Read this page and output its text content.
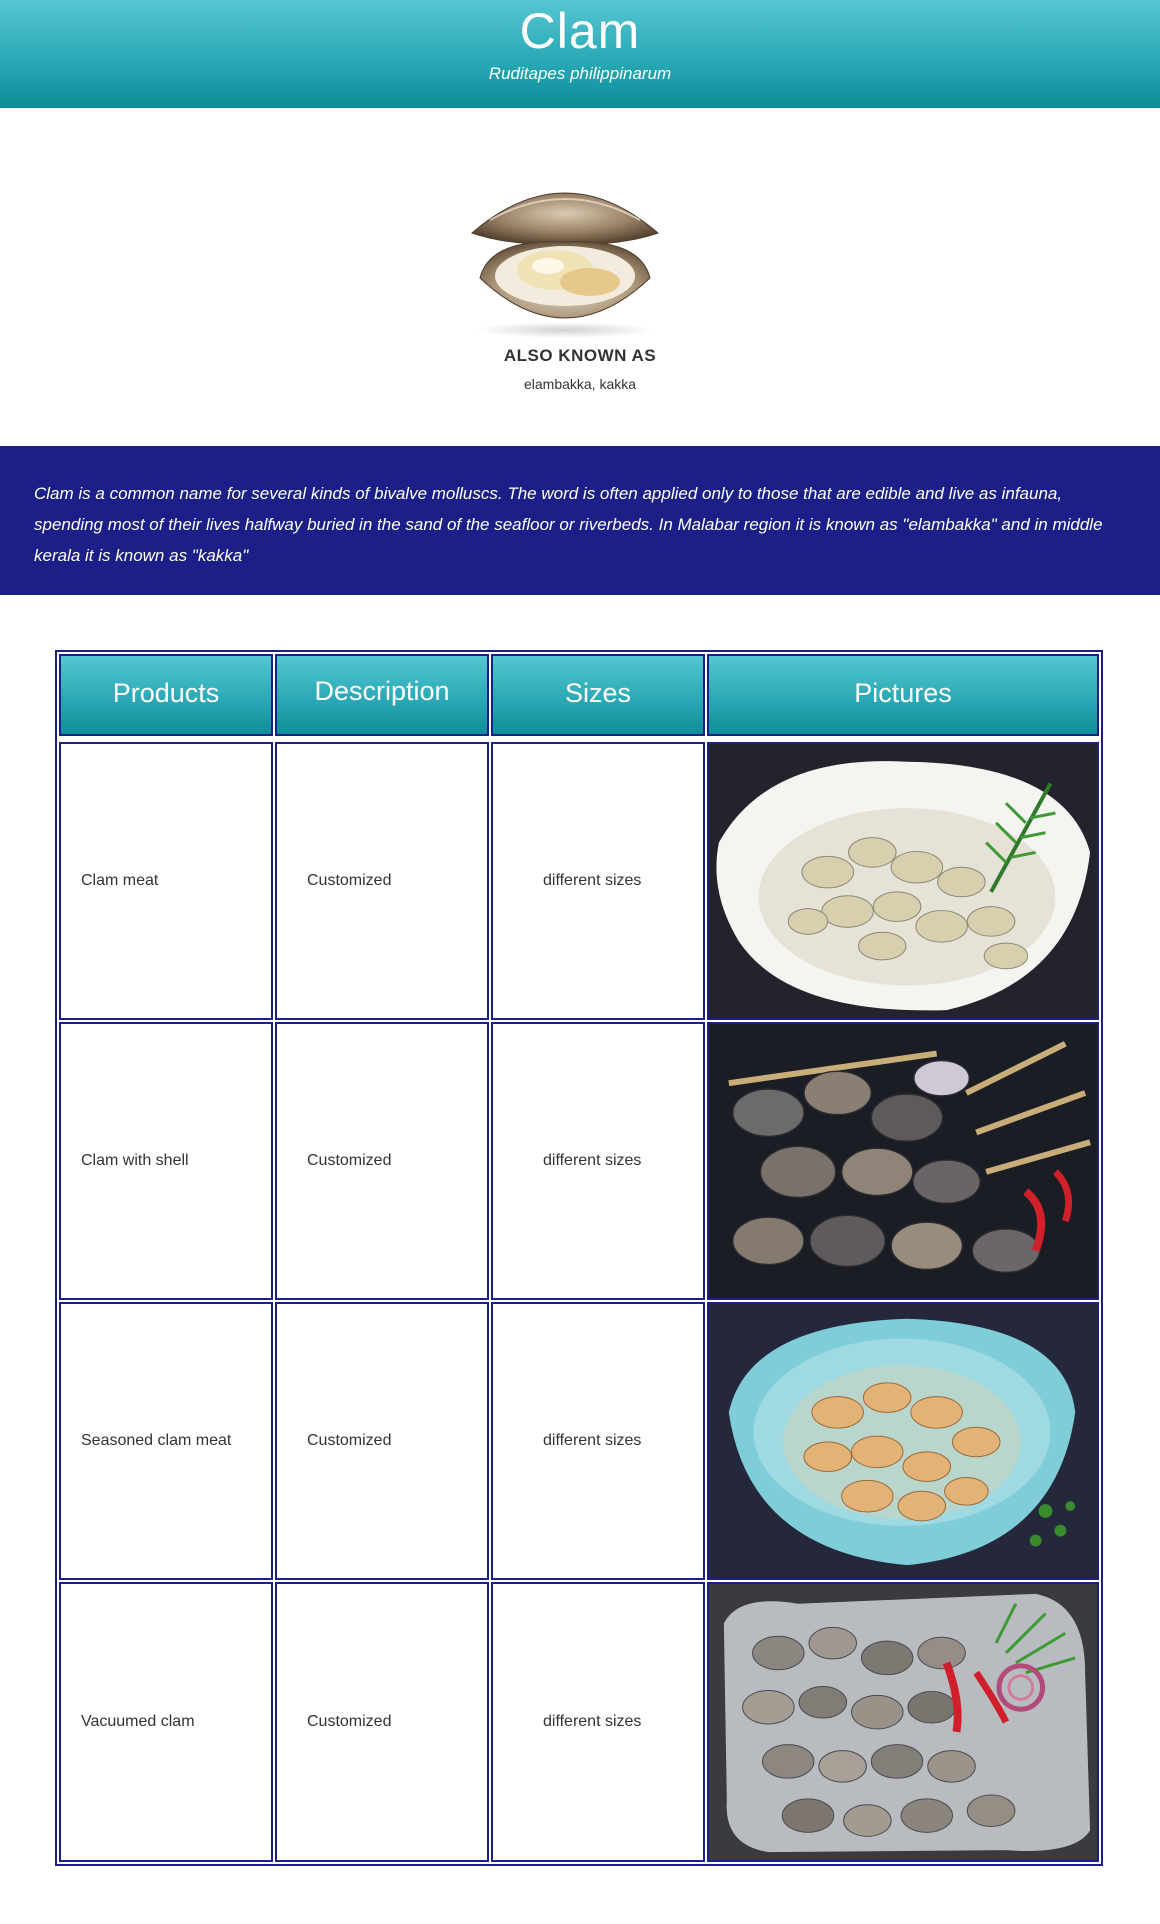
Clam
Ruditapes philippinarum
ALSO KNOWN AS
elambakka, kakka
Clam is a common name for several kinds of bivalve molluscs. The word is often applied only to those that are edible and live as infauna, spending most of their lives halfway buried in the sand of the seafloor or riverbeds. In Malabar region it is known as "elambakka" and in middle kerala it is known as "kakka"
Products	Description	Sizes	Pictures
Clam meat	Customized	different sizes
Clam with shell	Customized	different sizes
Seasoned clam meat	Customized	different sizes
Vacuumed clam	Customized	different sizes
